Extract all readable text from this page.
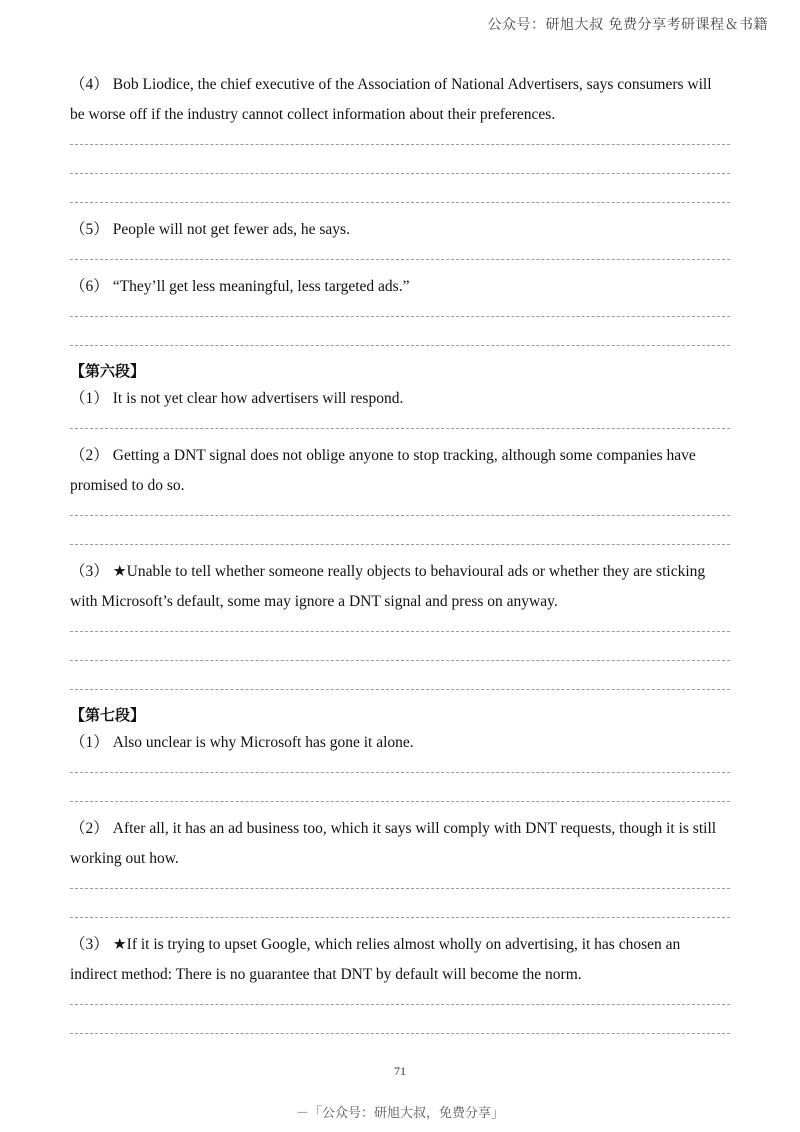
公众号：研旭大叔 免费分享考研课程＆书籍

（4） Bob Liodice, the chief executive of the Association of National Advertisers, says consumers will be worse off if the industry cannot collect information about their preferences.

（5） People will not get fewer ads, he says.

（6） “They’ll get less meaningful, less targeted ads.”

【第六段】

（1） It is not yet clear how advertisers will respond.

（2） Getting a DNT signal does not oblige anyone to stop tracking, although some companies have promised to do so.

（3） ★Unable to tell whether someone really objects to behavioural ads or whether they are sticking with Microsoft’s default, some may ignore a DNT signal and press on anyway.

【第七段】

（1） Also unclear is why Microsoft has gone it alone.

（2） After all, it has an ad business too, which it says will comply with DNT requests, though it is still working out how.

（3） ★If it is trying to upset Google, which relies almost wholly on advertising, it has chosen an indirect method: There is no guarantee that DNT by default will become the norm.

71
－「公众号：研旭大叔，免费分享」
